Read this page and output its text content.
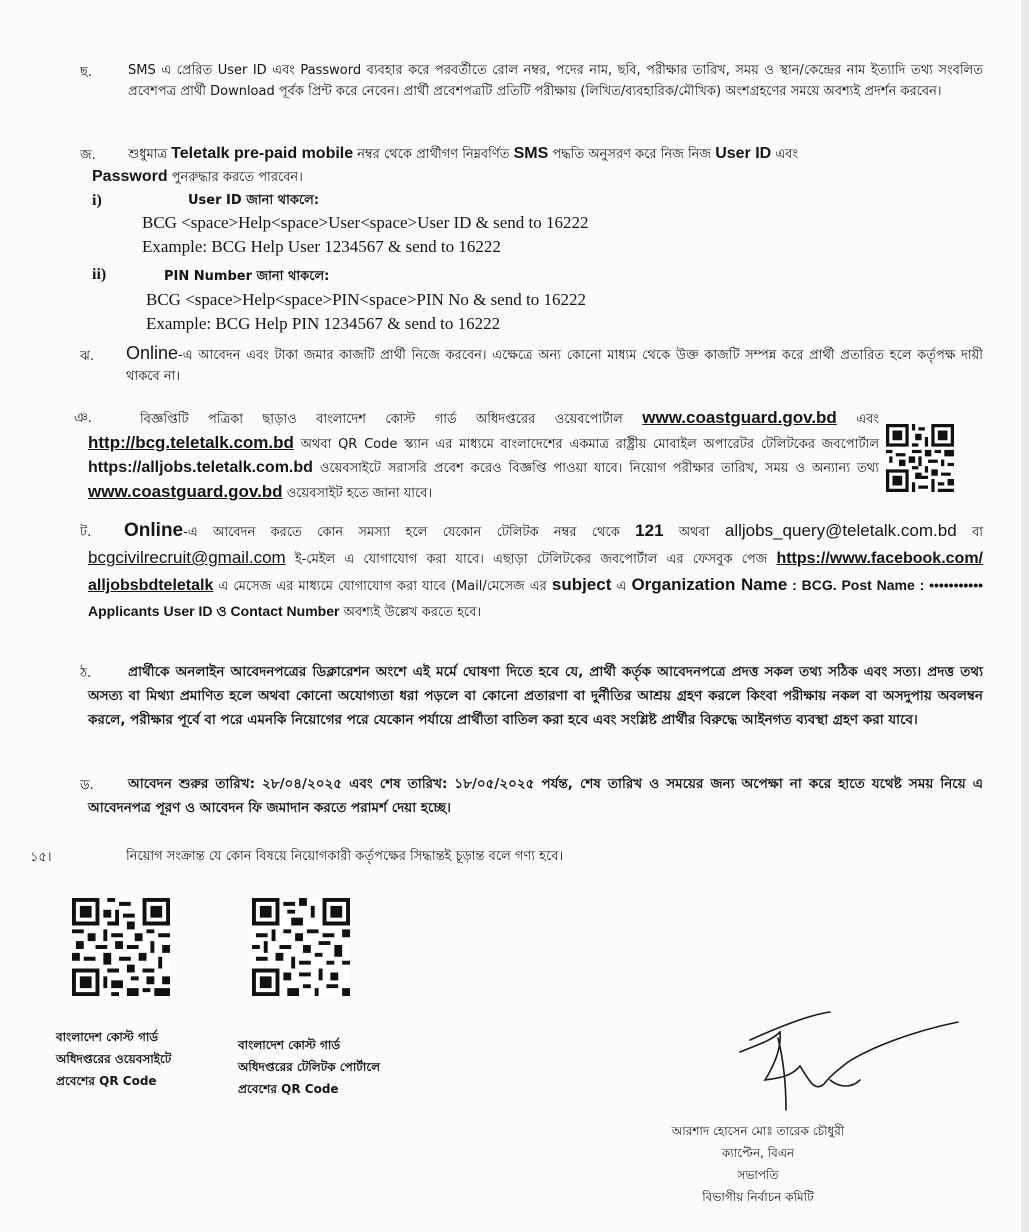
ছ.	SMS এ প্রেরিত User ID এবং Password ব্যবহার করে পরবর্তীতে রোল নম্বর, পদের নাম, ছবি, পরীক্ষার তারিখ, সময় ও স্থান/কেন্দ্রের নাম ইত্যাদি তথ্য সংবলিত প্রবেশপত্র প্রার্থী Download পূর্বক প্রিন্ট করে নেবেন। প্রার্থী প্রবেশপত্রটি প্রতিটি পরীক্ষায় (লিখিত/ব্যবহারিক/মৌখিক) অংশগ্রহণের সময়ে অবশ্যই প্রদর্শন করবেন।
জ. শুধুমাত্র Teletalk pre-paid mobile নম্বর থেকে প্রার্থীগণ নিম্নবর্ণিত SMS পদ্ধতি অনুসরণ করে নিজ নিজ User ID এবং
Password পুনরুদ্ধার করতে পারবেন।
i)	User ID জানা থাকলে:
BCG <space>Help<space>User<space>User ID & send to 16222
Example: BCG Help User 1234567 & send to 16222
ii)	PIN Number জানা থাকলে:
BCG <space>Help<space>PIN<space>PIN No & send to 16222
Example: BCG Help PIN 1234567 & send to 16222
ঝ. Online-এ আবেদন এবং টাকা জমার কাজটি প্রার্থী নিজে করবেন। এক্ষেত্রে অন্য কোনো মাধ্যম থেকে উক্ত কাজটি সম্পন্ন করে প্রার্থী প্রতারিত হলে কর্তৃপক্ষ দায়ী থাকবে না।
ঞ.	বিজ্ঞপ্তিটি পত্রিকা ছাড়াও বাংলাদেশ কোস্ট গার্ড অধিদপ্তরের ওয়েবপোর্টাল www.coastguard.gov.bd এবং http://bcg.teletalk.com.bd অথবা QR Code স্ক্যান এর মাধ্যমে বাংলাদেশের একমাত্র রাষ্ট্রীয় মোবাইল অপারেটর টেলিটকের জবপোর্টাল https://alljobs.teletalk.com.bd ওয়েবসাইটে সরাসরি প্রবেশ করেও বিজ্ঞপ্তি পাওয়া যাবে। নিয়োগ পরীক্ষার তারিখ, সময় ও অন্যান্য তথ্য www.coastguard.gov.bd ওয়েবসাইট হতে জানা যাবে।
ট.	Online-এ আবেদন করতে কোন সমস্যা হলে যেকোন টেলিটক নম্বর থেকে 121 অথবা alljobs_query@teletalk.com.bd বা bcgcivilrecruit@gmail.com ই-মেইল এ যোগাযোগ করা যাবে। এছাড়া টেলিটকের জবপোর্টাল এর ফেসবুক পেজ https://www.facebook.com/ alljobsbdteletalk এ মেসেজ এর মাধ্যমে যোগাযোগ করা যাবে (Mail/মেসেজ এর subject এ Organization Name : BCG. Post Name : ••••••••••• Applicants User ID ও Contact Number অবশ্যই উল্লেখ করতে হবে।
ঠ.	প্রার্থীকে অনলাইন আবেদনপত্রের ডিক্লারেশন অংশে এই মর্মে ঘোষণা দিতে হবে যে, প্রার্থী কর্তৃক আবেদনপত্রে প্রদত্ত সকল তথ্য সঠিক এবং সত্য। প্রদত্ত তথ্য অসত্য বা মিথ্যা প্রমাণিত হলে অথবা কোনো অযোগ্যতা ধরা পড়লে বা কোনো প্রতারণা বা দুর্নীতির আশ্রয় গ্রহণ করলে কিংবা পরীক্ষায় নকল বা অসদুপায় অবলম্বন করলে, পরীক্ষার পূর্বে বা পরে এমনকি নিয়োগের পরে যেকোন পর্যায়ে প্রার্থীতা বাতিল করা হবে এবং সংশ্লিষ্ট প্রার্থীর বিরুদ্ধে আইনগত ব্যবস্থা গ্রহণ করা যাবে।
ড.	আবেদন শুরুর তারিখ: ২৮/০৪/২০২৫ এবং শেষ তারিখ: ১৮/০৫/২০২৫ পর্যন্ত, শেষ তারিখ ও সময়ের জন্য অপেক্ষা না করে হাতে যথেষ্ট সময় নিয়ে এ আবেদনপত্র পূরণ ও আবেদন ফি জমাদান করতে পরামর্শ দেয়া হচ্ছে।
১৫।	নিয়োগ সংক্রান্ত যে কোন বিষয়ে নিয়োগকারী কর্তৃপক্ষের সিদ্ধান্তই চূড়ান্ত বলে গণ্য হবে।
বাংলাদেশ কোস্ট গার্ড
অধিদপ্তরের ওয়েবসাইটে
প্রবেশের QR Code
বাংলাদেশ কোস্ট গার্ড
অধিদপ্তরের টেলিটক পোর্টালে
প্রবেশের QR Code
আরশাদ হোসেন মোঃ তারেক চৌধুরী
ক্যাপ্টেন, বিএন
সভাপতি
বিভাগীয় নির্বাচন কমিটি
